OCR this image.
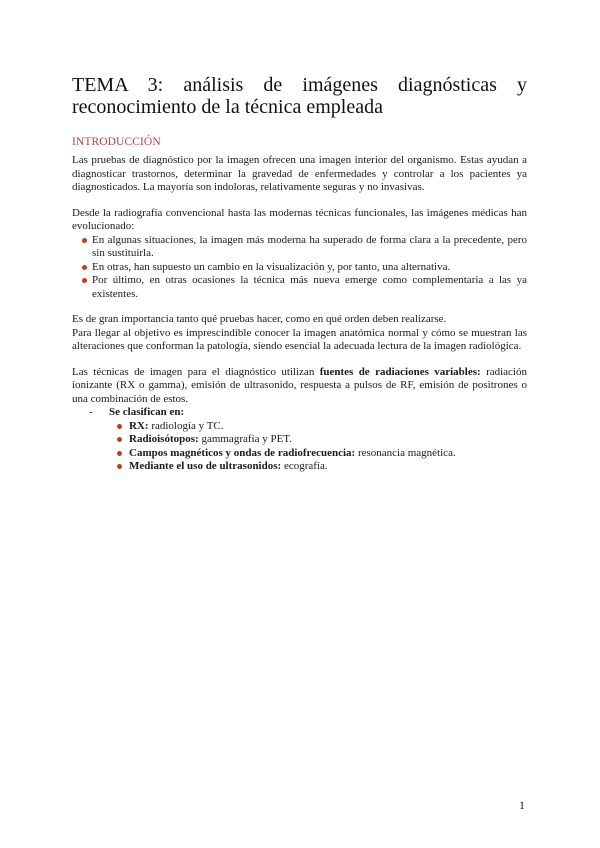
TEMA 3: análisis de imágenes diagnósticas y reconocimiento de la técnica empleada
INTRODUCCIÓN

Las pruebas de diagnóstico por la imagen ofrecen una imagen interior del organismo. Estas ayudan a diagnosticar trastornos, determinar la gravedad de enfermedades y controlar a los pacientes ya diagnosticados. La mayoría son indoloras, relativamente seguras y no invasivas.

Desde la radiografía convencional hasta las modernas técnicas funcionales, las imágenes médicas han evolucionado:

En algunas situaciones, la imagen más moderna ha superado de forma clara a la precedente, pero sin sustituirla.
En otras, han supuesto un cambio en la visualización y, por tanto, una alternativa.
Por último, en otras ocasiones la técnica más nueva emerge como complementaria a las ya existentes.

Es de gran importancia tanto qué pruebas hacer, como en qué orden deben realizarse.

Para llegar al objetivo es imprescindible conocer la imagen anatómica normal y cómo se muestran las alteraciones que conforman la patología, siendo esencial la adecuada lectura de la imagen radiológica.

Las técnicas de imagen para el diagnóstico utilizan fuentes de radiaciones variables: radiación ionizante (RX o gamma), emisión de ultrasonido, respuesta a pulsos de RF, emisión de positrones o una combinación de estos.

- Se clasifican en:
RX: radiología y TC.
Radioisótopos: gammagrafía y PET.
Campos magnéticos y ondas de radiofrecuencia: resonancia magnética.
Mediante el uso de ultrasonidos: ecografía.
1
